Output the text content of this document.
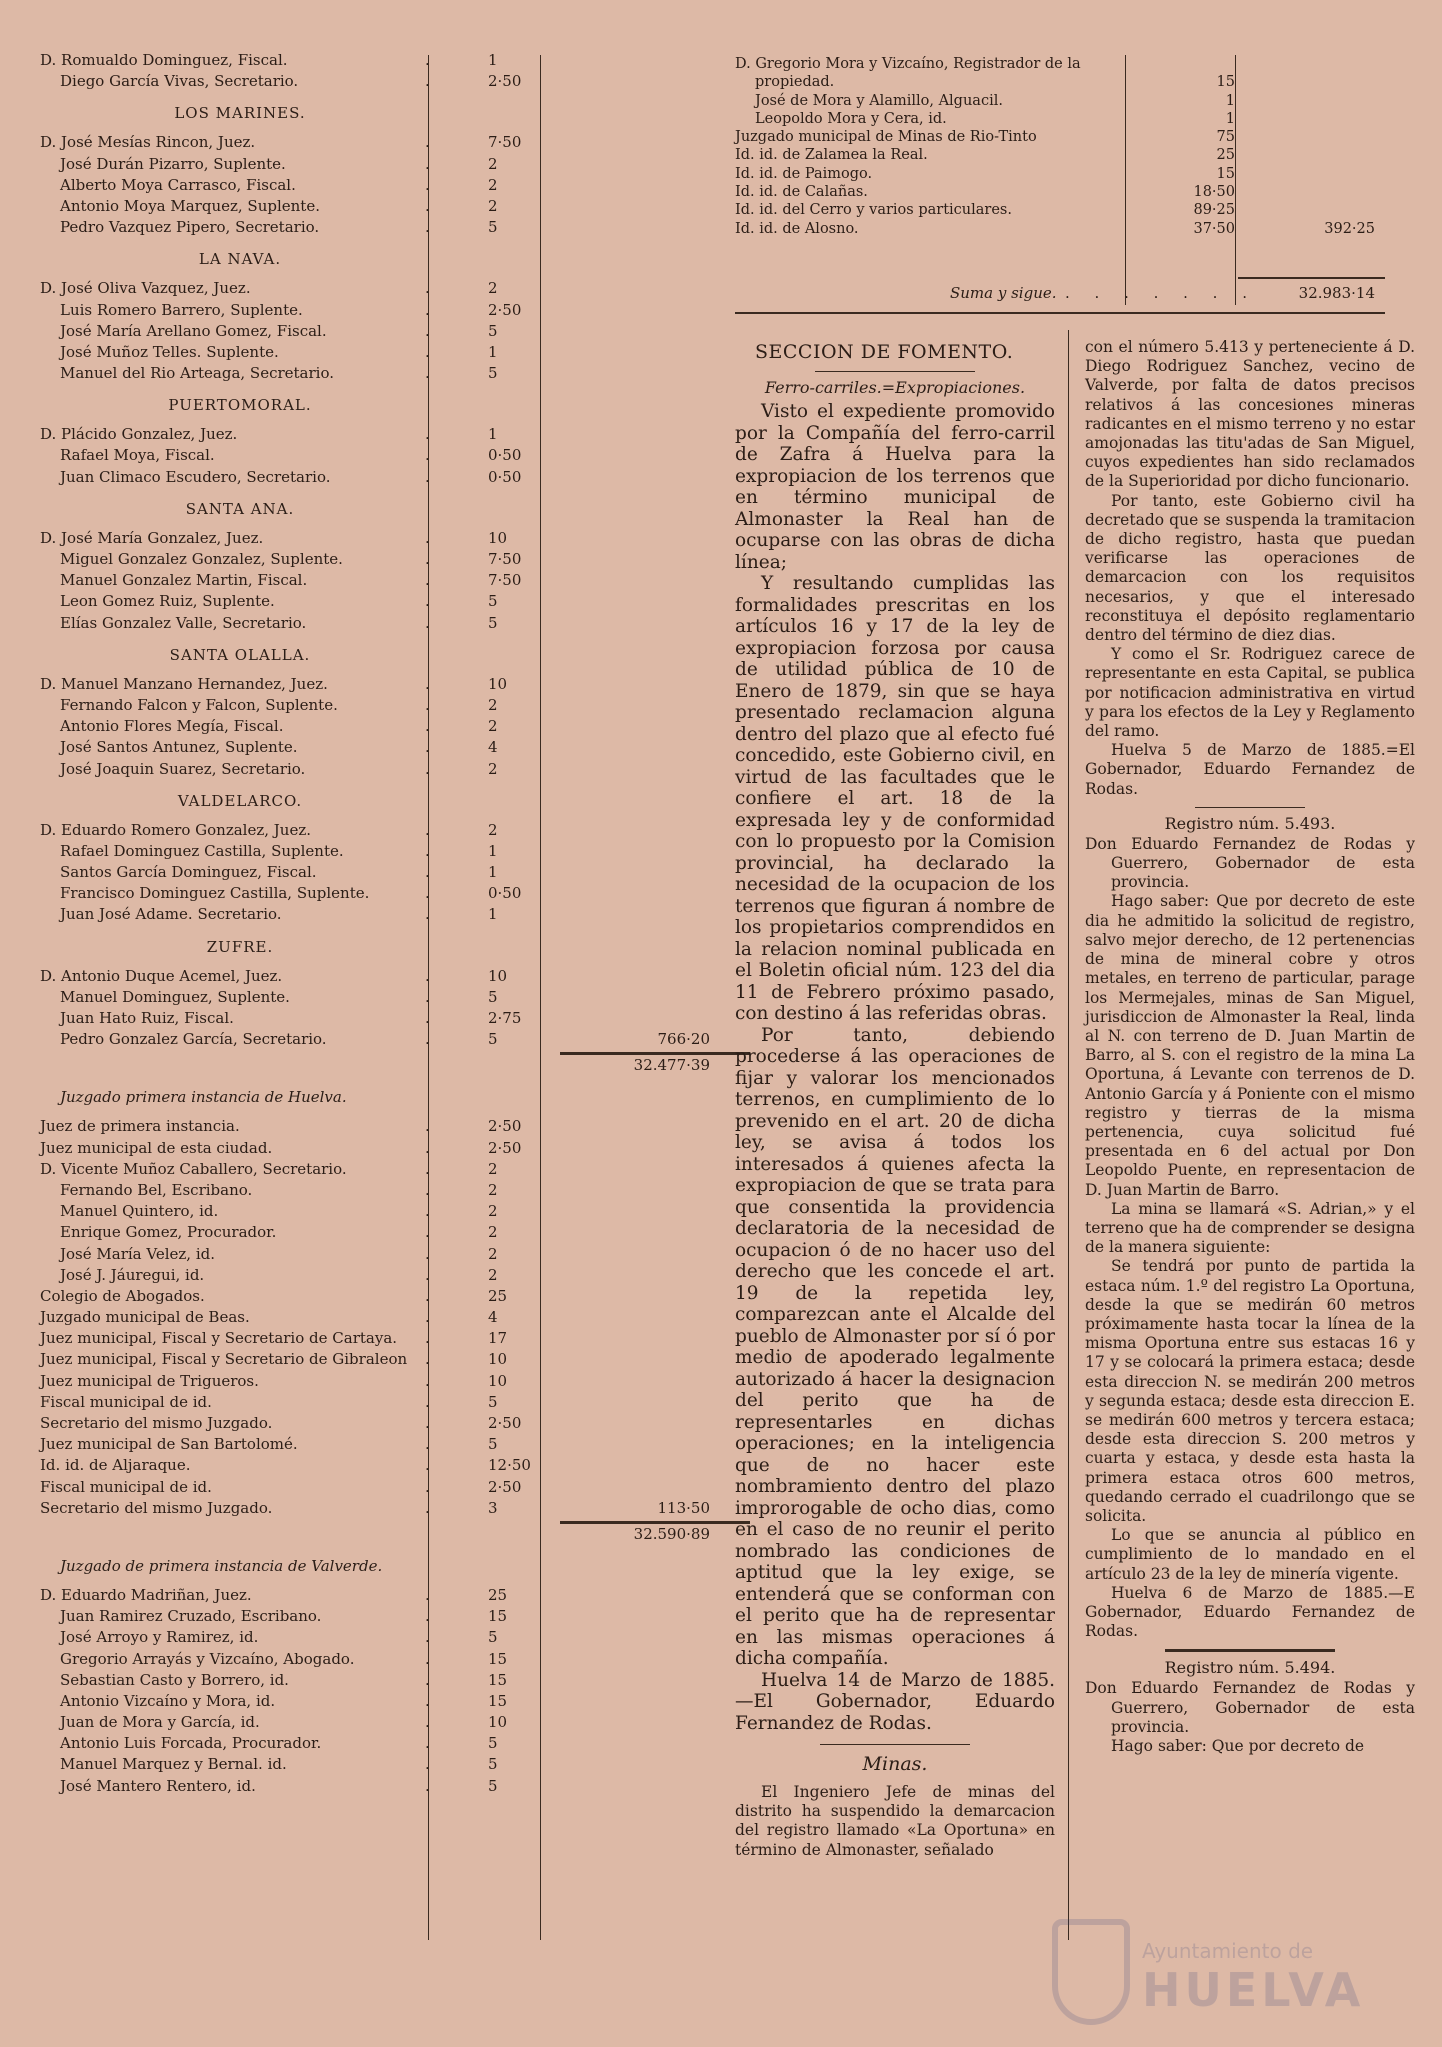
D. Romualdo Dominguez, Fiscal.	.	1
Diego García Vivas, Secretario.	.	2·50
LOS MARINES.
D. José Mesías Rincon, Juez.	.	7·50
José Durán Pizarro, Suplente.	.	2
Alberto Moya Carrasco, Fiscal.	.	2
Antonio Moya Marquez, Suplente.	.	2
Pedro Vazquez Pipero, Secretario.	.	5
LA NAVA.
D. José Oliva Vazquez, Juez.	.	2
Luis Romero Barrero, Suplente.	.	2·50
José María Arellano Gomez, Fiscal.	.	5
José Muñoz Telles. Suplente.	.	1
Manuel del Rio Arteaga, Secretario.	.	5
PUERTOMORAL.
D. Plácido Gonzalez, Juez.	.	1
Rafael Moya, Fiscal.	.	0·50
Juan Climaco Escudero, Secretario.	.	0·50
SANTA ANA.
D. José María Gonzalez, Juez.	.	10
Miguel Gonzalez Gonzalez, Suplente.	.	7·50
Manuel Gonzalez Martin, Fiscal.	.	7·50
Leon Gomez Ruiz, Suplente.	.	5
Elías Gonzalez Valle, Secretario.	.	5
SANTA OLALLA.
D. Manuel Manzano Hernandez, Juez.	.	10
Fernando Falcon y Falcon, Suplente.	.	2
Antonio Flores Megía, Fiscal.	.	2
José Santos Antunez, Suplente.	.	4
José Joaquin Suarez, Secretario.	.	2
VALDELARCO.
D. Eduardo Romero Gonzalez, Juez.	.	2
Rafael Dominguez Castilla, Suplente.	.	1
Santos García Dominguez, Fiscal.	.	1
Francisco Dominguez Castilla, Suplente.	.	0·50
Juan José Adame. Secretario.	.	1
ZUFRE.
D. Antonio Duque Acemel, Juez.	.	10
Manuel Dominguez, Suplente.	.	5
Juan Hato Ruiz, Fiscal.	.	2·75
Pedro Gonzalez García, Secretario.	.	5	766·20
32.477·39
Juzgado primera instancia de Huelva.
Juez de primera instancia.	.	2·50
Juez municipal de esta ciudad.	.	2·50
D. Vicente Muñoz Caballero, Secretario.	.	2
Fernando Bel, Escribano.	.	2
Manuel Quintero, id.	.	2
Enrique Gomez, Procurador.	.	2
José María Velez, id.	.	2
José J. Jáuregui, id.	.	2
Colegio de Abogados.	.	25
Juzgado municipal de Beas.	.	4
Juez municipal, Fiscal y Secretario de Cartaya. .	17
Juez municipal, Fiscal y Secretario de Gibraleon .	10
Juez municipal de Trigueros.	.	10
Fiscal municipal de id.	.	5
Secretario del mismo Juzgado.	.	2·50
Juez municipal de San Bartolomé.	.	5
Id. id. de Aljaraque.	.	12·50
Fiscal municipal de id.	.	2·50
Secretario del mismo Juzgado.	.	3	113·50
32.590·89
Juzgado de primera instancia de Valverde.
D. Eduardo Madriñan, Juez.	.	25
Juan Ramirez Cruzado, Escribano.	.	15
José Arroyo y Ramirez, id.	.	5
Gregorio Arrayás y Vizcaíno, Abogado.	.	15
Sebastian Casto y Borrero, id.	.	15
Antonio Vizcaíno y Mora, id.	.	15
Juan de Mora y García, id.	.	10
Antonio Luis Forcada, Procurador.	.	5
Manuel Marquez y Bernal. id.	.	5
José Mantero Rentero, id.	.	5
D. Gregorio Mora y Vizcaíno, Registrador de la
propiedad.	15
José de Mora y Alamillo, Alguacil.	1
Leopoldo Mora y Cera, id.	1
Juzgado municipal de Minas de Rio-Tinto	75
Id. id. de Zalamea la Real.	25
Id. id. de Paimogo.	15
Id. id. de Calañas.	18·50
Id. id. del Cerro y varios particulares.	89·25
Id. id. de Alosno.	37·50	392·25
Suma y sigue. . . . . . . .	32.983·14
SECCION DE FOMENTO.
Ferro-carriles.=Expropiaciones.

Visto el expediente promovido por la Compañía del ferro-carril de Zafra á Huelva para la expropiacion de los terrenos que en término municipal de Almonaster la Real han de ocuparse con las obras de dicha línea;

Y resultando cumplidas las formalidades prescritas en los artículos 16 y 17 de la ley de expropiacion forzosa por causa de utilidad pública de 10 de Enero de 1879, sin que se haya presentado reclamacion alguna dentro del plazo que al efecto fué concedido, este Gobierno civil, en virtud de las facultades que le confiere el art. 18 de la expresada ley y de conformidad con lo propuesto por la Comision provincial, ha declarado la necesidad de la ocupacion de los terrenos que figuran á nombre de los propietarios comprendidos en la relacion nominal publicada en el Boletin oficial núm. 123 del dia 11 de Febrero próximo pasado, con destino á las referidas obras.

Por tanto, debiendo procederse á las operaciones de fijar y valorar los mencionados terrenos, en cumplimiento de lo prevenido en el art. 20 de dicha ley, se avisa á todos los interesados á quienes afecta la expropiacion de que se trata para que consentida la providencia declaratoria de la necesidad de ocupacion ó de no hacer uso del derecho que les concede el art. 19 de la repetida ley, comparezcan ante el Alcalde del pueblo de Almonaster por sí ó por medio de apoderado legalmente autorizado á hacer la designacion del perito que ha de representarles en dichas operaciones; en la inteligencia que de no hacer este nombramiento dentro del plazo improrogable de ocho dias, como en el caso de no reunir el perito nombrado las condiciones de aptitud que la ley exige, se entenderá que se conforman con el perito que ha de representar en las mismas operaciones á dicha compañía.

Huelva 14 de Marzo de 1885. —El Gobernador, Eduardo Fernandez de Rodas.

Minas.

El Ingeniero Jefe de minas del distrito ha suspendido la demarcacion del registro llamado «La Oportuna» en término de Almonaster, señalado

con el número 5.413 y perteneciente á D. Diego Rodriguez Sanchez, vecino de Valverde, por falta de datos precisos relativos á las concesiones mineras radicantes en el mismo terreno y no estar amojonadas las titu'adas de San Miguel, cuyos expedientes han sido reclamados de la Superioridad por dicho funcionario.

Por tanto, este Gobierno civil ha decretado que se suspenda la tramitacion de dicho registro, hasta que puedan verificarse las operaciones de demarcacion con los requisitos necesarios, y que el interesado reconstituya el depósito reglamentario dentro del término de diez dias.

Y como el Sr. Rodriguez carece de representante en esta Capital, se publica por notificacion administrativa en virtud y para los efectos de la Ley y Reglamento del ramo.

Huelva 5 de Marzo de 1885.=El Gobernador, Eduardo Fernandez de Rodas.

Registro núm. 5.493.

Don Eduardo Fernandez de Rodas y Guerrero, Gobernador de esta provincia.

Hago saber: Que por decreto de este dia he admitido la solicitud de registro, salvo mejor derecho, de 12 pertenencias de mina de mineral cobre y otros metales, en terreno de particular, parage los Mermejales, minas de San Miguel, jurisdiccion de Almonaster la Real, linda al N. con terreno de D. Juan Martin de Barro, al S. con el registro de la mina La Oportuna, á Levante con terrenos de D. Antonio García y á Poniente con el mismo registro y tierras de la misma pertenencia, cuya solicitud fué presentada en 6 del actual por Don Leopoldo Puente, en representacion de D. Juan Martin de Barro.

La mina se llamará «S. Adrian,» y el terreno que ha de comprender se designa de la manera siguiente:

Se tendrá por punto de partida la estaca núm. 1.º del registro La Oportuna, desde la que se medirán 60 metros próximamente hasta tocar la línea de la misma Oportuna entre sus estacas 16 y 17 y se colocará la primera estaca; desde esta direccion N. se medirán 200 metros y segunda estaca; desde esta direccion E. se medirán 600 metros y tercera estaca; desde esta direccion S. 200 metros y cuarta y estaca, y desde esta hasta la primera estaca otros 600 metros, quedando cerrado el cuadrilongo que se solicita.

Lo que se anuncia al público en cumplimiento de lo mandado en el artículo 23 de la ley de minería vigente.

Huelva 6 de Marzo de 1885.—E Gobernador, Eduardo Fernandez de Rodas.

Registro núm. 5.494.

Don Eduardo Fernandez de Rodas y Guerrero, Gobernador de esta provincia.

Hago saber: Que por decreto de

Ayuntamiento de
HUELVA
